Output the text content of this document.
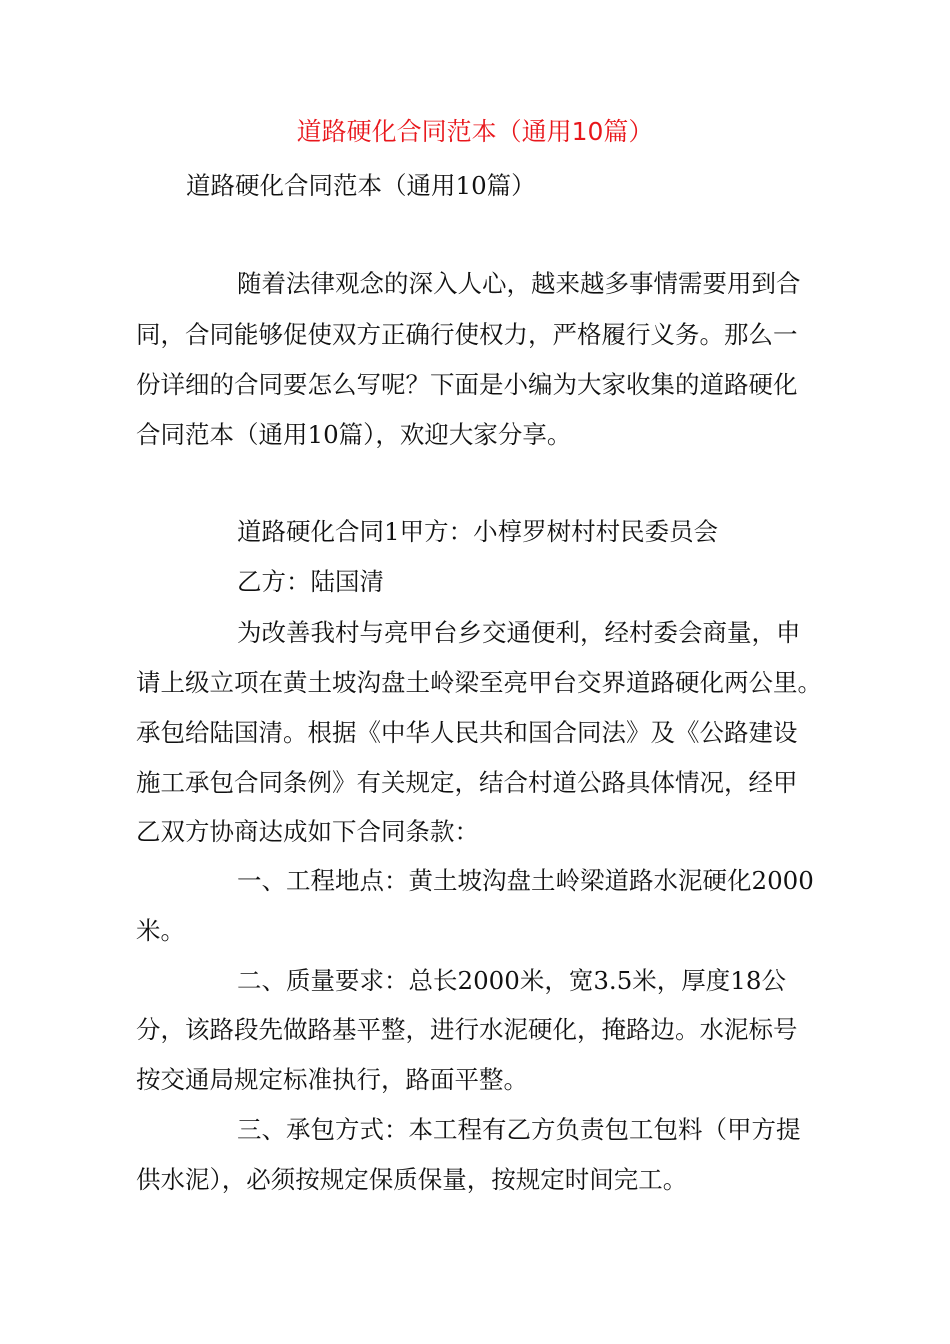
道路硬化合同范本（通用10篇）
道路硬化合同范本（通用10篇）
随着法律观念的深入人心，越来越多事情需要用到合
同，合同能够促使双方正确行使权力，严格履行义务。那么一
份详细的合同要怎么写呢？下面是小编为大家收集的道路硬化
合同范本（通用10篇），欢迎大家分享。
道路硬化合同1甲方：小椁罗树村村民委员会
乙方：陆国清
为改善我村与亮甲台乡交通便利，经村委会商量，申
请上级立项在黄土坡沟盘土岭梁至亮甲台交界道路硬化两公里。
承包给陆国清。根据《中华人民共和国合同法》及《公路建设
施工承包合同条例》有关规定，结合村道公路具体情况，经甲
乙双方协商达成如下合同条款：
一、工程地点：黄土坡沟盘土岭梁道路水泥硬化2000
米。
二、质量要求：总长2000米，宽3.5米，厚度18公
分，该路段先做路基平整，进行水泥硬化，掩路边。水泥标号
按交通局规定标准执行，路面平整。
三、承包方式：本工程有乙方负责包工包料（甲方提
供水泥），必须按规定保质保量，按规定时间完工。
